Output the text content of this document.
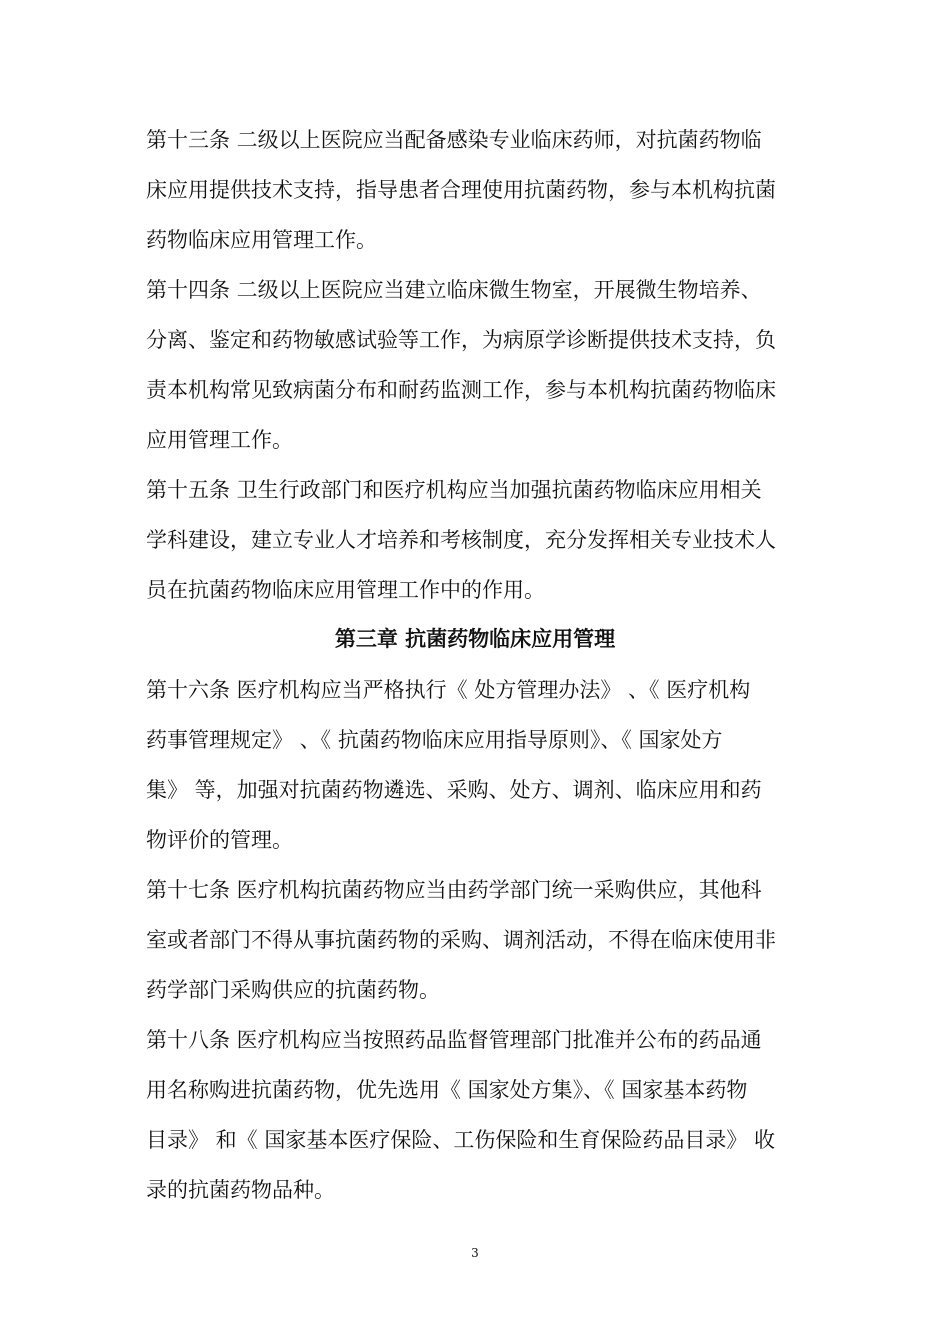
第十三条 二级以上医院应当配备感染专业临床药师，对抗菌药物临
床应用提供技术支持，指导患者合理使用抗菌药物，参与本机构抗菌
药物临床应用管理工作。
第十四条 二级以上医院应当建立临床微生物室，开展微生物培养、
分离、鉴定和药物敏感试验等工作，为病原学诊断提供技术支持，负
责本机构常见致病菌分布和耐药监测工作，参与本机构抗菌药物临床
应用管理工作。
第十五条 卫生行政部门和医疗机构应当加强抗菌药物临床应用相关
学科建设，建立专业人才培养和考核制度，充分发挥相关专业技术人
员在抗菌药物临床应用管理工作中的作用。
第三章 抗菌药物临床应用管理
第十六条 医疗机构应当严格执行《 处方管理办法》 、《 医疗机构
药事管理规定》 、《 抗菌药物临床应用指导原则》、《 国家处方
集》 等，加强对抗菌药物遴选、采购、处方、调剂、临床应用和药
物评价的管理。
第十七条 医疗机构抗菌药物应当由药学部门统一采购供应，其他科
室或者部门不得从事抗菌药物的采购、调剂活动，不得在临床使用非
药学部门采购供应的抗菌药物。
第十八条 医疗机构应当按照药品监督管理部门批准并公布的药品通
用名称购进抗菌药物，优先选用《 国家处方集》、《 国家基本药物
目录》 和《 国家基本医疗保险、工伤保险和生育保险药品目录》 收
录的抗菌药物品种。
3
